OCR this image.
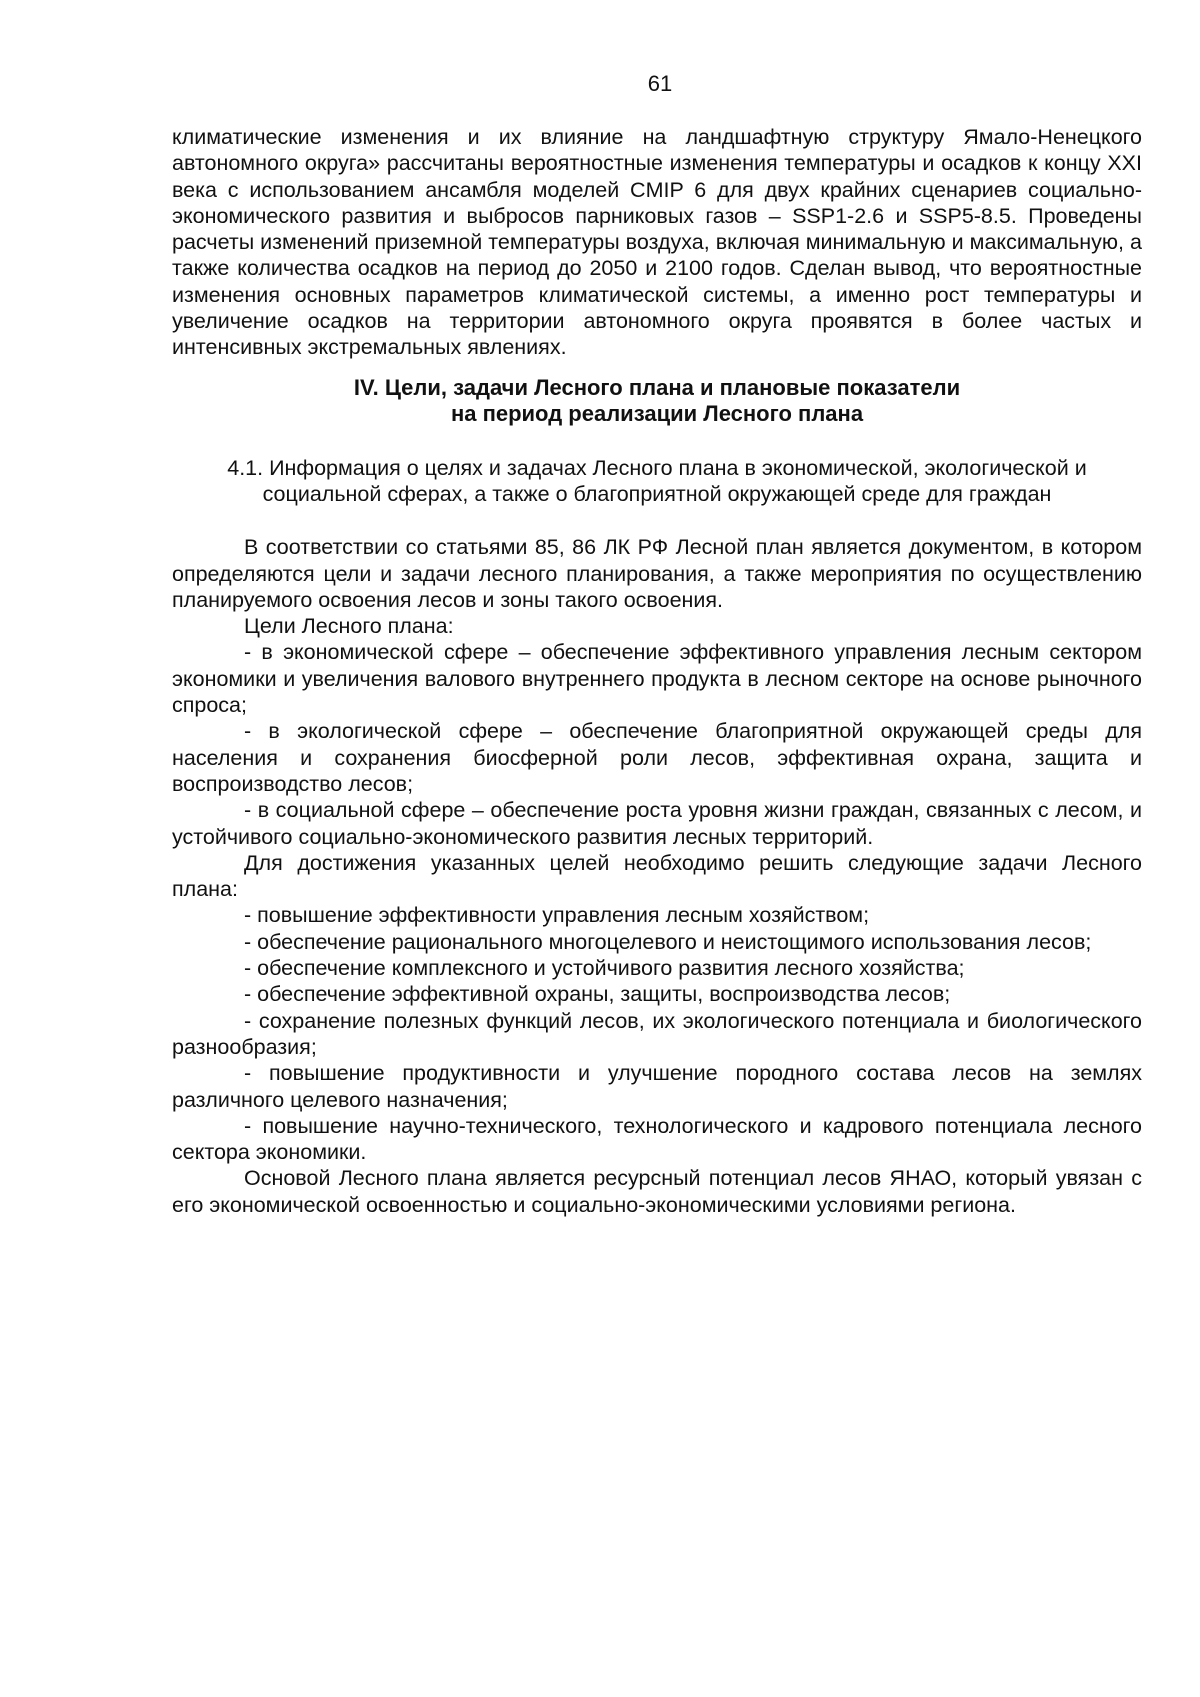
61

климатические изменения и их влияние на ландшафтную структуру Ямало-Ненецкого автономного округа» рассчитаны вероятностные изменения температуры и осадков к концу XXI века с использованием ансамбля моделей CMIP 6 для двух крайних сценариев социально-экономического развития и выбросов парниковых газов – SSP1-2.6 и SSP5-8.5. Проведены расчеты изменений приземной температуры воздуха, включая минимальную и максимальную, а также количества осадков на период до 2050 и 2100 годов. Сделан вывод, что вероятностные изменения основных параметров климатической системы, а именно рост температуры и увеличение осадков на территории автономного округа проявятся в более частых и интенсивных экстремальных явлениях.

IV. Цели, задачи Лесного плана и плановые показатели
на период реализации Лесного плана
4.1. Информация о целях и задачах Лесного плана в экономической, экологической и
социальной сферах, а также о благоприятной окружающей среде для граждан

В соответствии со статьями 85, 86 ЛК РФ Лесной план является документом, в котором определяются цели и задачи лесного планирования, а также мероприятия по осуществлению планируемого освоения лесов и зоны такого освоения.

Цели Лесного плана:

- в экономической сфере – обеспечение эффективного управления лесным сектором экономики и увеличения валового внутреннего продукта в лесном секторе на основе рыночного спроса;

- в экологической сфере – обеспечение благоприятной окружающей среды для населения и сохранения биосферной роли лесов, эффективная охрана, защита и воспроизводство лесов;

- в социальной сфере – обеспечение роста уровня жизни граждан, связанных с лесом, и устойчивого социально-экономического развития лесных территорий.

Для достижения указанных целей необходимо решить следующие задачи Лесного плана:

- повышение эффективности управления лесным хозяйством;

- обеспечение рационального многоцелевого и неистощимого использования лесов;

- обеспечение комплексного и устойчивого развития лесного хозяйства;

- обеспечение эффективной охраны, защиты, воспроизводства лесов;

- сохранение полезных функций лесов, их экологического потенциала и биологического разнообразия;

- повышение продуктивности и улучшение породного состава лесов на землях различного целевого назначения;

- повышение научно-технического, технологического и кадрового потенциала лесного сектора экономики.

Основой Лесного плана является ресурсный потенциал лесов ЯНАО, который увязан с его экономической освоенностью и социально-экономическими условиями региона.
